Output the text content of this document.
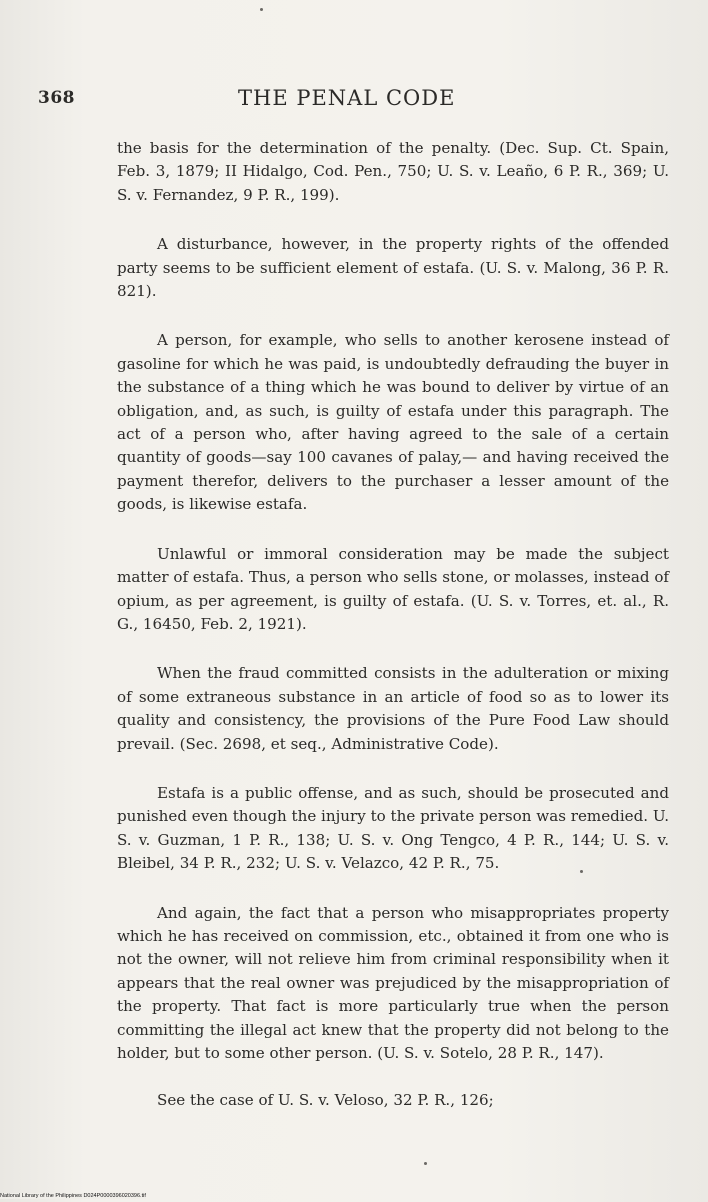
368	THE PENAL CODE

the basis for the determination of the penalty. (Dec. Sup. Ct. Spain, Feb. 3, 1879; II Hidalgo, Cod. Pen., 750; U. S. v. Leaño, 6 P. R., 369; U. S. v. Fernandez, 9 P. R., 199).

A disturbance, however, in the property rights of the offended party seems to be sufficient element of estafa. (U. S. v. Malong, 36 P. R. 821).

A person, for example, who sells to another kerosene instead of gasoline for which he was paid, is undoubtedly defrauding the buyer in the substance of a thing which he was bound to deliver by virtue of an obligation, and, as such, is guilty of estafa under this paragraph. The act of a person who, after having agreed to the sale of a certain quantity of goods—say 100 cavanes of palay,— and having received the payment therefor, delivers to the purchaser a lesser amount of the goods, is likewise estafa.

Unlawful or immoral consideration may be made the subject matter of estafa. Thus, a person who sells stone, or molasses, instead of opium, as per agreement, is guilty of estafa. (U. S. v. Torres, et. al., R. G., 16450, Feb. 2, 1921).

When the fraud committed consists in the adulteration or mixing of some extraneous substance in an article of food so as to lower its quality and consistency, the provisions of the Pure Food Law should prevail. (Sec. 2698, et seq., Administrative Code).

Estafa is a public offense, and as such, should be prosecuted and punished even though the injury to the private person was remedied. U. S. v. Guzman, 1 P. R., 138; U. S. v. Ong Tengco, 4 P. R., 144; U. S. v. Bleibel, 34 P. R., 232; U. S. v. Velazco, 42 P. R., 75.

And again, the fact that a person who misappropriates property which he has received on commission, etc., obtained it from one who is not the owner, will not relieve him from criminal responsibility when it appears that the real owner was prejudiced by the misappropriation of the property. That fact is more particularly true when the person committing the illegal act knew that the property did not belong to the holder, but to some other person. (U. S. v. Sotelo, 28 P. R., 147).

See the case of U. S. v. Veloso, 32 P. R., 126;

National Library of the Philippines D024P0000396020396.tif
